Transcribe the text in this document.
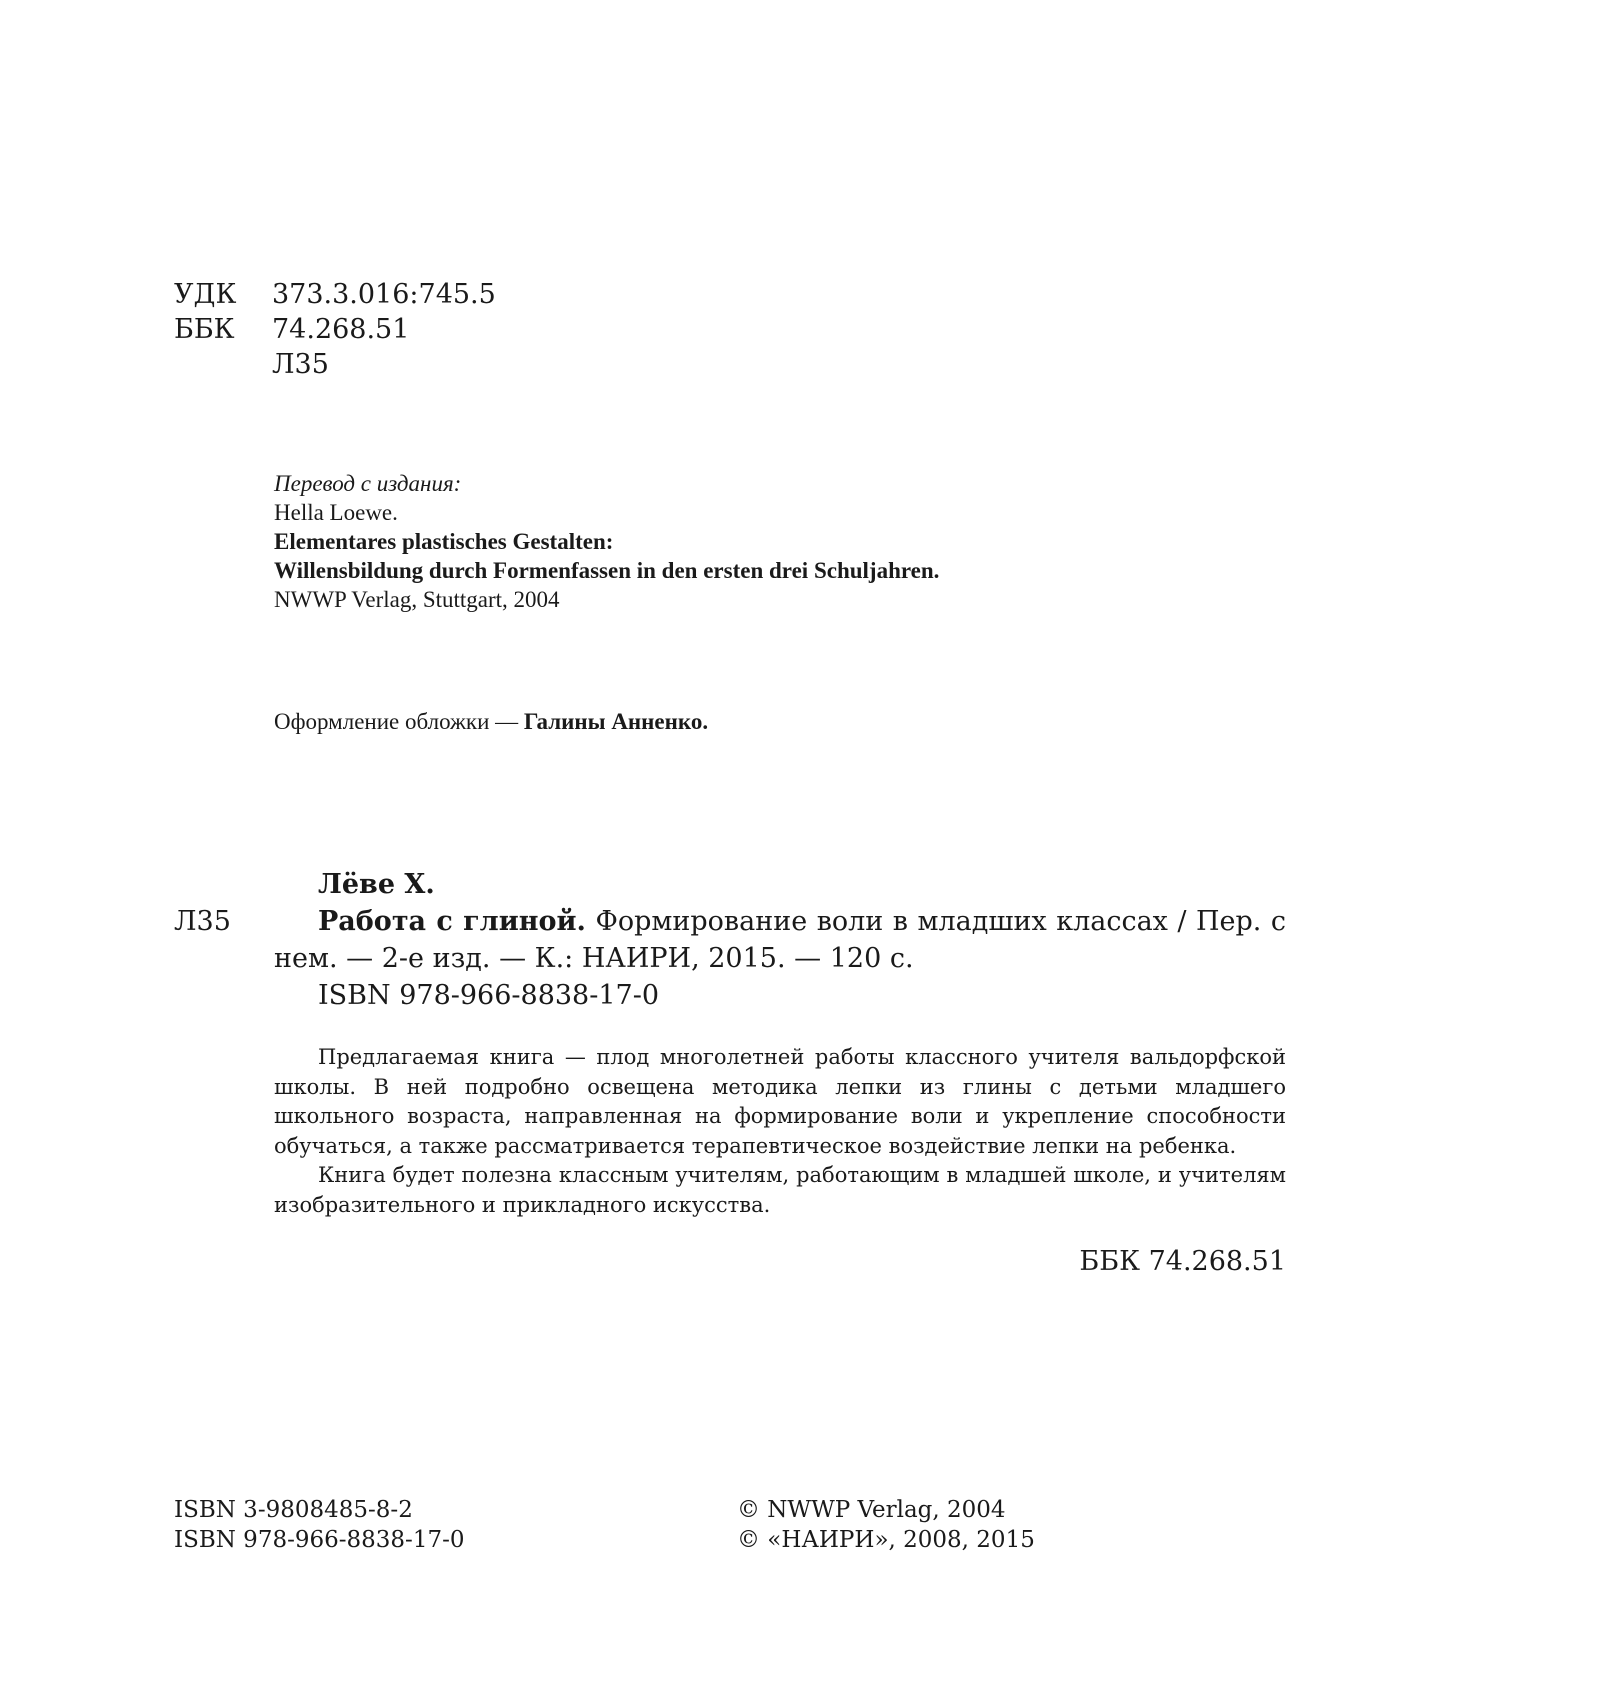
УДК 373.3.016:745.5
ББК 74.268.51
Л35
Перевод с издания:
Hella Loewe.
Elementares plastisches Gestalten:
Willensbildung durch Formenfassen in den ersten drei Schuljahren.
NWWP Verlag, Stuttgart, 2004
Оформление обложки — Галины Анненко.
Лёве Х.
Л35	Работа с глиной. Формирование воли в младших классах / Пер. с нем. — 2-е изд. — К.: НАИРИ, 2015. — 120 с.
ISBN 978-966-8838-17-0

Предлагаемая книга — плод многолетней работы классного учителя вальдорфской школы. В ней подробно освещена методика лепки из глины с детьми младшего школьного возраста, направленная на формирование воли и укрепление способности обучаться, а также рассматривается терапевтическое воздействие лепки на ребенка.

Книга будет полезна классным учителям, работающим в младшей школе, и учителям изобразительного и прикладного искусства.

ББК 74.268.51
ISBN 3-9808485-8-2
ISBN 978-966-8838-17-0
© NWWP Verlag, 2004
© «НАИРИ», 2008, 2015
